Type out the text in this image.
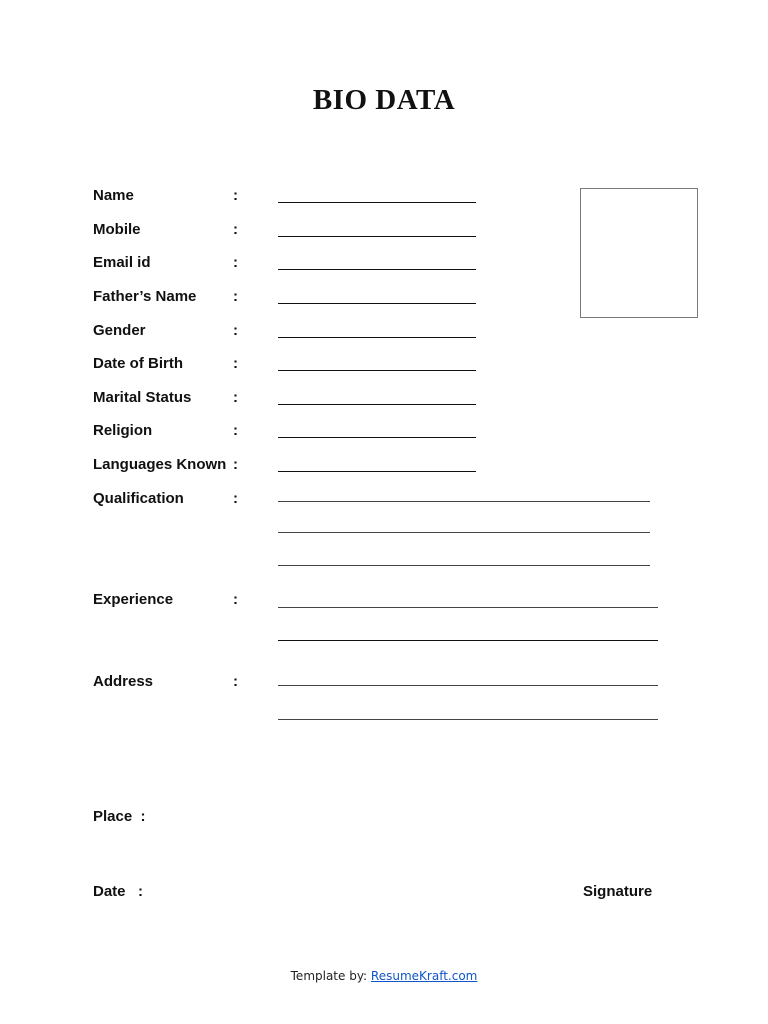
BIO DATA
Name	:
Mobile	:
Email id	:
Father’s Name :
Gender	:
Date of Birth	:
Marital Status	:
Religion	:
Languages Known :
Qualification	:
Experience	:
Address	:
Place  :
Date   :	Signature
Template by: ResumeKraft.com
